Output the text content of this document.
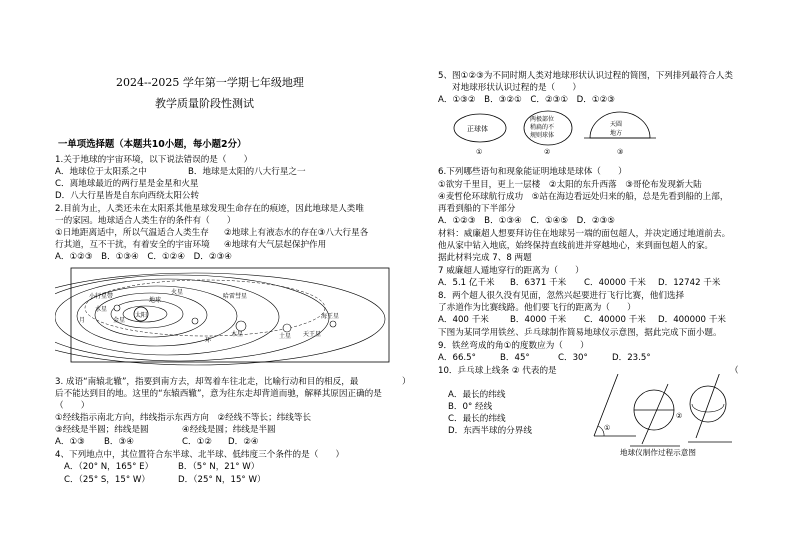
2024--2025 学年第一学期七年级地理
教学质量阶段性测试
一单项选择题（本题共10小题，每小题2分）
1.关于地球的宇宙环境，以下说法错误的是（　　）
A．地球位于太阳系之中	B．地球是太阳的八大行星之一
C．离地球最近的两行星是金星和火星
D．八大行星皆是自东向西绕太阳公转
2.目前为止，人类还未在太阳系其他星球发现生命存在的痕迹，因此地球是人类唯
一的家园。地球适合人类生存的条件有（　　）
①日地距离适中，所以气温适合人类生存 ②地球上有液态水的存在③八大行星各
行其道，互不干扰，有着安全的宇宙环境 ④地球有大气层起保护作用
A．①②③　B．①③④　C．①②④　D．②③④
太阳
水星
金星
地球
火星
木星	土星 天王星
海王星
小行星带	哈雷彗星
月
环
3. 成语“南辕北辙”，指要到南方去，却驾着车往北走，比喻行动和目的相反，最	）
后不能达到目的地。这里的“东辕西辙”，意为往东走却背道而驰，解释其原因正确的是
（　　）
①经线指示南北方向，纬线指示东西方向　②经线不等长；纬线等长
③经线是半圆；纬线是圆	④经线是圆；纬线是半圆
A．①③ B．③④	C．①② D．②④
4、下列地点中，其位置符合东半球、北半球、低纬度三个条件的是（　　）
A．（20° N，165° E）	B．（5° N，21° W）
C．（25° S，15° W）	D．（25° N，15° W）
5、图①②③为不同时期人类对地球形状认识过程的简图，下列排列最符合人类
对地球形状认识过程的是（　　）
A．①③②　B．③②①　C．②③①　D．①②③
正球体
两极部位
稍扁的不
规则球体
天圆
地方
①	②	③
6.下列哪些语句和现象能证明地球是球体（　　）
①欲穷千里目，更上一层楼　②太阳的东升西落　③哥伦布发现新大陆
④麦哲伦环球航行成功　⑤站在海边看远处归来的船，总是先看到船的上部，
再看到船的下半部分
A．①②③　B．①③④　C．①④⑤　D．②③⑤
材料：威廉超人想要拜访住在地球另一端的面包超人，并决定通过地道前去。
他从家中钻入地底，始终保持直线前进并穿越地心，来到面包超人的家。
据此材料完成 7、8 两题
7 威廉超人遁地穿行的距离为（　　）
A．5.1 亿千米 B．6371 千米 C．40000 千米 D．12742 千米
8．两个超人很久没有见面，忽然兴起要进行飞行比赛，他们选择
了赤道作为比赛线路。他们要飞行的距离为（　　）
A．400 千米 B．4000 千米 C．40000 千米 D．400000 千米
下图为某同学用铁丝、乒乓球制作简易地球仪示意图，据此完成下面小题。
9．铁丝弯成的角①的度数应为（　　）
A．66.5°	B．45°	C．30°	D．23.5°
10．乒乓球上线条 ② 代表的是	（
A．最长的纬线
B．0° 经线
C．最长的纬线
D．东西半球的分界线	①
②
地球仪制作过程示意图
